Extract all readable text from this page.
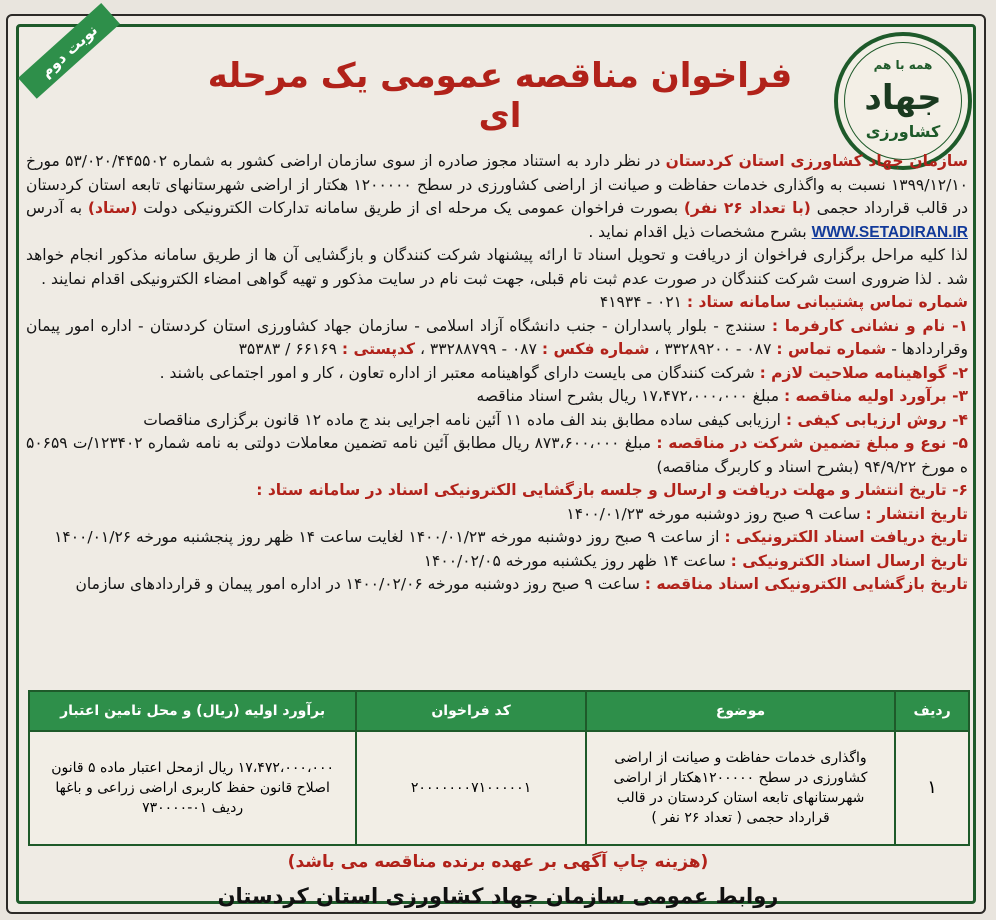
نوبت دوم	همه با هم
جهاد
کشاورزی
فراخوان مناقصه عمومی یک مرحله ای

سازمان جهاد کشاورزی استان کردستان در نظر دارد به استناد مجوز صادره از سوی سازمان اراضی کشور به شماره ۵۳/۰۲۰/۴۴۵۵۰۲ مورخ ۱۳۹۹/۱۲/۱۰ نسبت به واگذاری خدمات حفاظت و صیانت از اراضی کشاورزی در سطح ۱۲۰۰۰۰۰ هکتار از اراضی شهرستانهای تابعه استان کردستان در قالب قرارداد حجمی (با تعداد ۲۶ نفر) بصورت فراخوان عمومی یک مرحله ای از طریق سامانه تدارکات الکترونیکی دولت (ستاد) به آدرس WWW.SETADIRAN.IR بشرح مشخصات ذیل اقدام نماید .

لذا کلیه مراحل برگزاری فراخوان از دریافت و تحویل اسناد تا ارائه پیشنهاد شرکت کنندگان و بازگشایی آن ها از طریق سامانه مذکور انجام خواهد شد . لذا ضروری است شرکت کنندگان در صورت عدم ثبت نام قبلی، جهت ثبت نام در سایت مذکور و تهیه گواهی امضاء الکترونیکی اقدام نمایند .

شماره تماس پشتیبانی سامانه ستاد : ۰۲۱ - ۴۱۹۳۴

۱- نام و نشانی کارفرما : سنندج - بلوار پاسداران - جنب دانشگاه آزاد اسلامی - سازمان جهاد کشاورزی استان کردستان - اداره امور پیمان وقراردادها - شماره تماس : ۰۸۷ - ۳۳۲۸۹۲۰۰ ، شماره فکس : ۰۸۷ - ۳۳۲۸۸۷۹۹ ، کدپستی : ۶۶۱۶۹ / ۳۵۳۸۳

۲- گواهینامه صلاحیت لازم : شرکت کنندگان می بایست دارای گواهینامه معتبر از اداره تعاون ، کار و امور اجتماعی باشند .

۳- برآورد اولیه مناقصه : مبلغ ۱۷،۴۷۲،۰۰۰،۰۰۰ ریال بشرح اسناد مناقصه

۴- روش ارزیابی کیفی : ارزیابی کیفی ساده مطابق بند الف ماده ۱۱ آئین نامه اجرایی بند ج ماده ۱۲ قانون برگزاری مناقصات

۵- نوع و مبلغ تضمین شرکت در مناقصه : مبلغ ۸۷۳،۶۰۰،۰۰۰ ریال مطابق آئین نامه تضمین معاملات دولتی به نامه شماره ۱۲۳۴۰۲/ت ۵۰۶۵۹ ه مورخ ۹۴/۹/۲۲ (بشرح اسناد و کاربرگ مناقصه)

۶- تاریخ انتشار و مهلت دریافت و ارسال و جلسه بازگشایی الکترونیکی اسناد در سامانه ستاد :

تاریخ انتشار : ساعت ۹ صبح روز دوشنبه مورخه ۱۴۰۰/۰۱/۲۳

تاریخ دریافت اسناد الکترونیکی : از ساعت ۹ صبح روز دوشنبه مورخه ۱۴۰۰/۰۱/۲۳ لغایت ساعت ۱۴ ظهر روز پنجشنبه مورخه ۱۴۰۰/۰۱/۲۶

تاریخ ارسال اسناد الکترونیکی : ساعت ۱۴ ظهر روز یکشنبه مورخه ۱۴۰۰/۰۲/۰۵

تاریخ بازگشایی الکترونیکی اسناد مناقصه : ساعت ۹ صبح روز دوشنبه مورخه ۱۴۰۰/۰۲/۰۶ در اداره امور پیمان و قراردادهای سازمان

ردیف	موضوع	کد فراخوان	برآورد اولیه (ریال) و محل تامین اعتبار
۱	واگذاری خدمات حفاظت و صیانت از اراضی کشاورزی در سطح ۱۲۰۰۰۰۰هکتار از اراضی شهرستانهای تابعه استان کردستان در قالب قرارداد حجمی ( تعداد ۲۶ نفر )	۲۰۰۰۰۰۰۰۷۱۰۰۰۰۰۱	۱۷،۴۷۲،۰۰۰،۰۰۰ ریال ازمحل اعتبار ماده ۵ قانون اصلاح قانون حفظ کاربری اراضی زراعی و باغها ردیف ۰۱-۷۳۰۰۰۰
(هزینه چاپ آگهی بر عهده برنده مناقصه می باشد)
روابط عمومی سازمان جهاد کشاورزی استان کردستان
